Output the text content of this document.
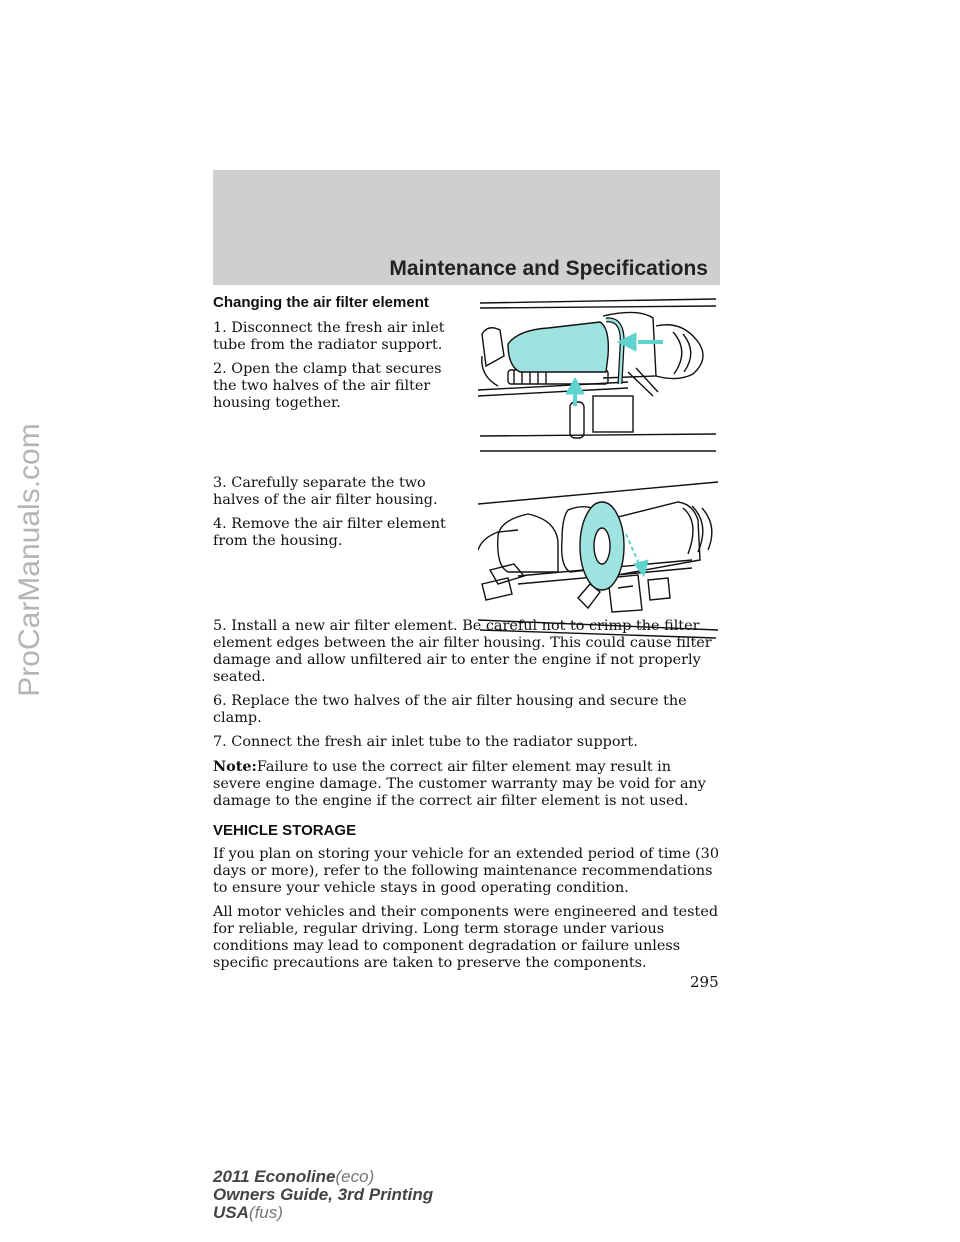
ProCarManuals.com
Maintenance and Specifications

Changing the air filter element

1. Disconnect the fresh air inlet tube from the radiator support.

2. Open the clamp that secures the two halves of the air filter housing together.

3. Carefully separate the two halves of the air filter housing.

4. Remove the air filter element from the housing.

5. Install a new air filter element. Be careful not to crimp the filter element edges between the air filter housing. This could cause filter damage and allow unfiltered air to enter the engine if not properly seated.

6. Replace the two halves of the air filter housing and secure the clamp.

7. Connect the fresh air inlet tube to the radiator support.

Note:Failure to use the correct air filter element may result in severe engine damage. The customer warranty may be void for any damage to the engine if the correct air filter element is not used.

VEHICLE STORAGE

If you plan on storing your vehicle for an extended period of time (30 days or more), refer to the following maintenance recommendations to ensure your vehicle stays in good operating condition.

All motor vehicles and their components were engineered and tested for reliable, regular driving. Long term storage under various conditions may lead to component degradation or failure unless specific precautions are taken to preserve the components.

295
2011 Econoline(eco)
Owners Guide, 3rd Printing
USA(fus)
